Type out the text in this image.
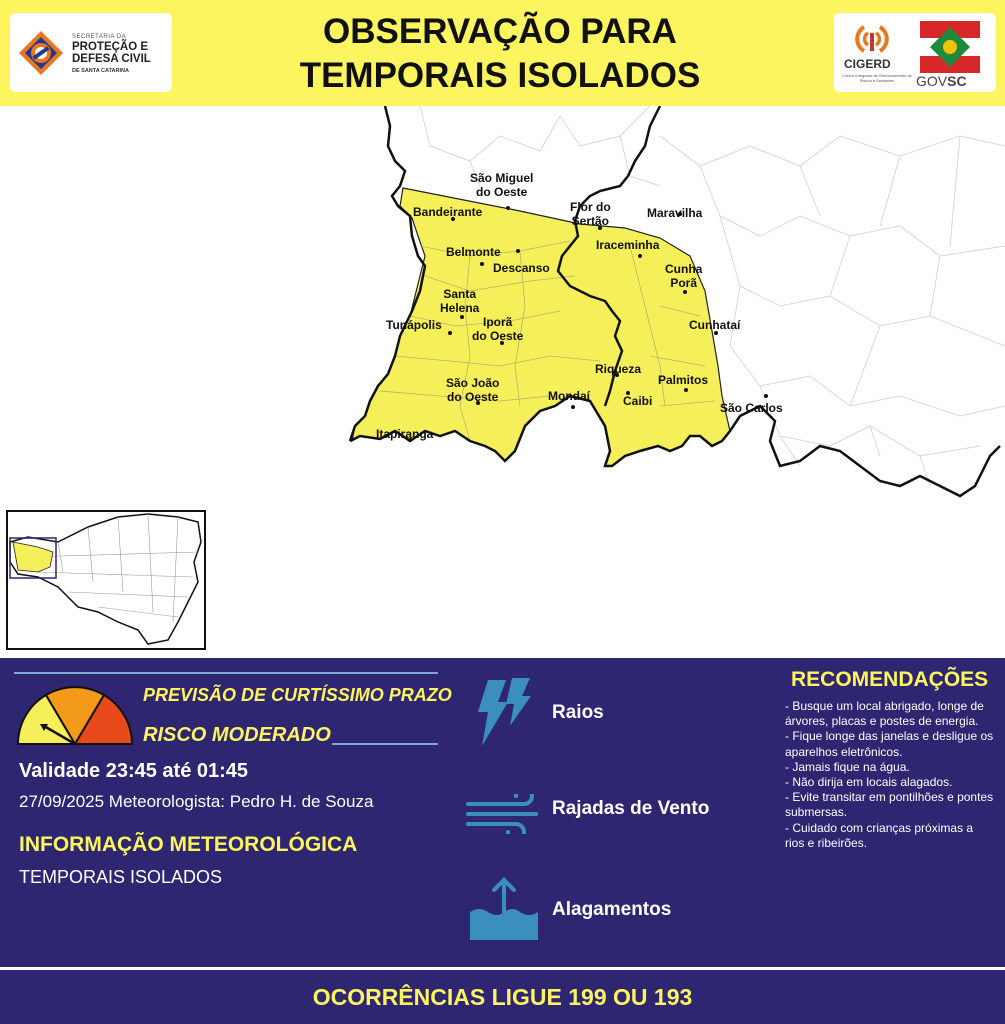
SECRETARIA DA
PROTEÇÃO E
DEFESA CIVIL
DE SANTA CATARINA
OBSERVAÇÃO PARA
TEMPORAIS ISOLADOS	CIGERD
Centro Integrado de Gerenciamento de Riscos e Desastres	GOVSC
São Miguel
do Oeste
Bandeirante	Flor do
Sertão
Maravilha
Iraceminha
Belmonte
Descanso	Cunha
Porã
Santa
Helena
Tunápolis	Iporã
do Oeste
Cunhataí
Riqueza
Palmitos
São João
do Oeste	Mondaí	Caibi	São Carlos
Itapiranga
PREVISÃO DE CURTÍSSIMO PRAZO
RISCO MODERADO
Validade 23:45 até 01:45
27/09/2025 Meteorologista: Pedro H. de Souza
INFORMAÇÃO METEOROLÓGICA
TEMPORAIS ISOLADOS
Raios
Rajadas de Vento
Alagamentos
RECOMENDAÇÕES
- Busque um local abrigado, longe de árvores, placas e postes de energia.
- Fique longe das janelas e desligue os aparelhos eletrônicos.
- Jamais fique na água.
- Não dirija em locais alagados.
- Evite transitar em pontilhões e pontes submersas.
- Cuidado com crianças próximas a rios e ribeirões.
OCORRÊNCIAS LIGUE 199 OU 193
